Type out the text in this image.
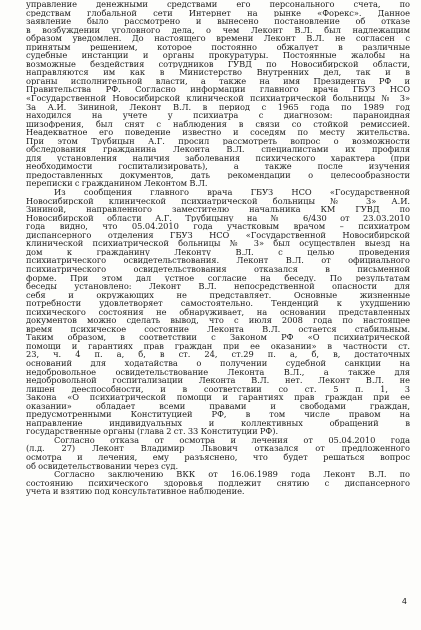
управление денежными средствами его персонального счета, по
средствам глобальной сети Интернет на рынке «Форекс». Данное
заявление было рассмотрено и вынесено постановление об отказе
в возбуждении уголовного дела, о чем Леконт В.Л. был надлежащим
образом уведомлен. До настоящего времени Леконт В.Л. не согласен с
принятым решением, которое постоянно обжалует в различные
судебные инстанции и органы прокуратуры. Постоянные жалобы на
возможные бездействия сотрудников ГУВД по Новосибирской области,
направляются им как в Министерство Внутренних дел, так и в
органы исполнительной власти, а также на имя Президента РФ и
Правительства РФ. Согласно информации главного врача ГБУЗ НСО
«Государственной Новосибирской клинической психиатрической больницы № 3»
За А.И. Зининой, Леконт В.Л. в период с 1965 года по 1989 год
находился на учете у психиатра с диагнозом: параноидная
шизофрения, был снят с наблюдения в связи со стойкой ремиссией.
Неадекватное его поведение известно и соседям по месту жительства.
При этом Трубицын А.Г. просил рассмотреть вопрос о возможности
обследования гражданина Леконта В.Л. специалистами их профиля
для установления наличия заболевания психического характера (при
необходимости госпитализировать), а также после изучения
предоставленных документов, дать рекомендации о целесообразности
переписки с гражданином Леконтом В.Л.
Из сообщения главного врача ГБУЗ НСО «Государственной
Новосибирской клинической психиатрической больницы № 3» А.И.
Зининой, направленного заместителю начальника КМ ГУВД по
Новосибирской области А.Г. Трубицыну на № 6/430 от 23.03.2010
года видно, что 05.04.2010 года участковым врачом – психиатром
диспансерного отделения ГБУЗ НСО «Государственной Новосибирской
клинической психиатрической больницы № 3» был осуществлен выезд на
дом к гражданину Леконту В.Л. с целью проведения
психиатрического освидетельствования. Леконт В.Л. от официального
психиатрического освидетельствования отказался в письменной
форме. При этом дал устное согласие на беседу. По результатам
беседы установлено: Леконт В.Л. непосредственной опасности для
себя и окружающих не представляет. Основные жизненные
потребности удовлетворяет самостоятельно. Тенденций к ухудшению
психического состояния не обнаруживает, на основании представленных
документов можно сделать вывод, что с июля 2008 года по настоящее
время психическое состояние Леконта В.Л. остается стабильным.
Таким образом, в соответствии с Законом РФ «О психиатрической
помощи и гарантиях прав граждан при ее оказании» в частности ст.
23, ч. 4 п. а, б, в ст. 24, ст.29 п. а, б, в, достаточных
оснований для ходатайства о получении судебной санкции на
недобровольное освидетельствование Леконта В.Л., а также для
недобровольной госпитализации Леконта В.Л. нет. Леконт В.Л. не
лишен дееспособности, и в соответствии со ст. 5 п. 1, 3
Закона «О психиатрической помощи и гарантиях прав граждан при ее
оказании» обладает всеми правами и свободами граждан,
предусмотренными Конституцией РФ, в том числе правом на
направление индивидуальных и коллективных обращений в
государственные органы (глава 2 ст. 33 Конституции РФ).
Согласно отказа от осмотра и лечения от 05.04.2010 года
(л.д. 27) Леконт Владимир Львович отказался от предложенного
осмотра и лечения, ему разъяснено, что будет решаться вопрос
об освидетельствовании через суд.
Согласно заключению ВКК от 16.06.1989 года Леконт В.Л. по
состоянию психического здоровья подлежит снятию с диспансерного
учета и взятию под консультативное наблюдение.
4
